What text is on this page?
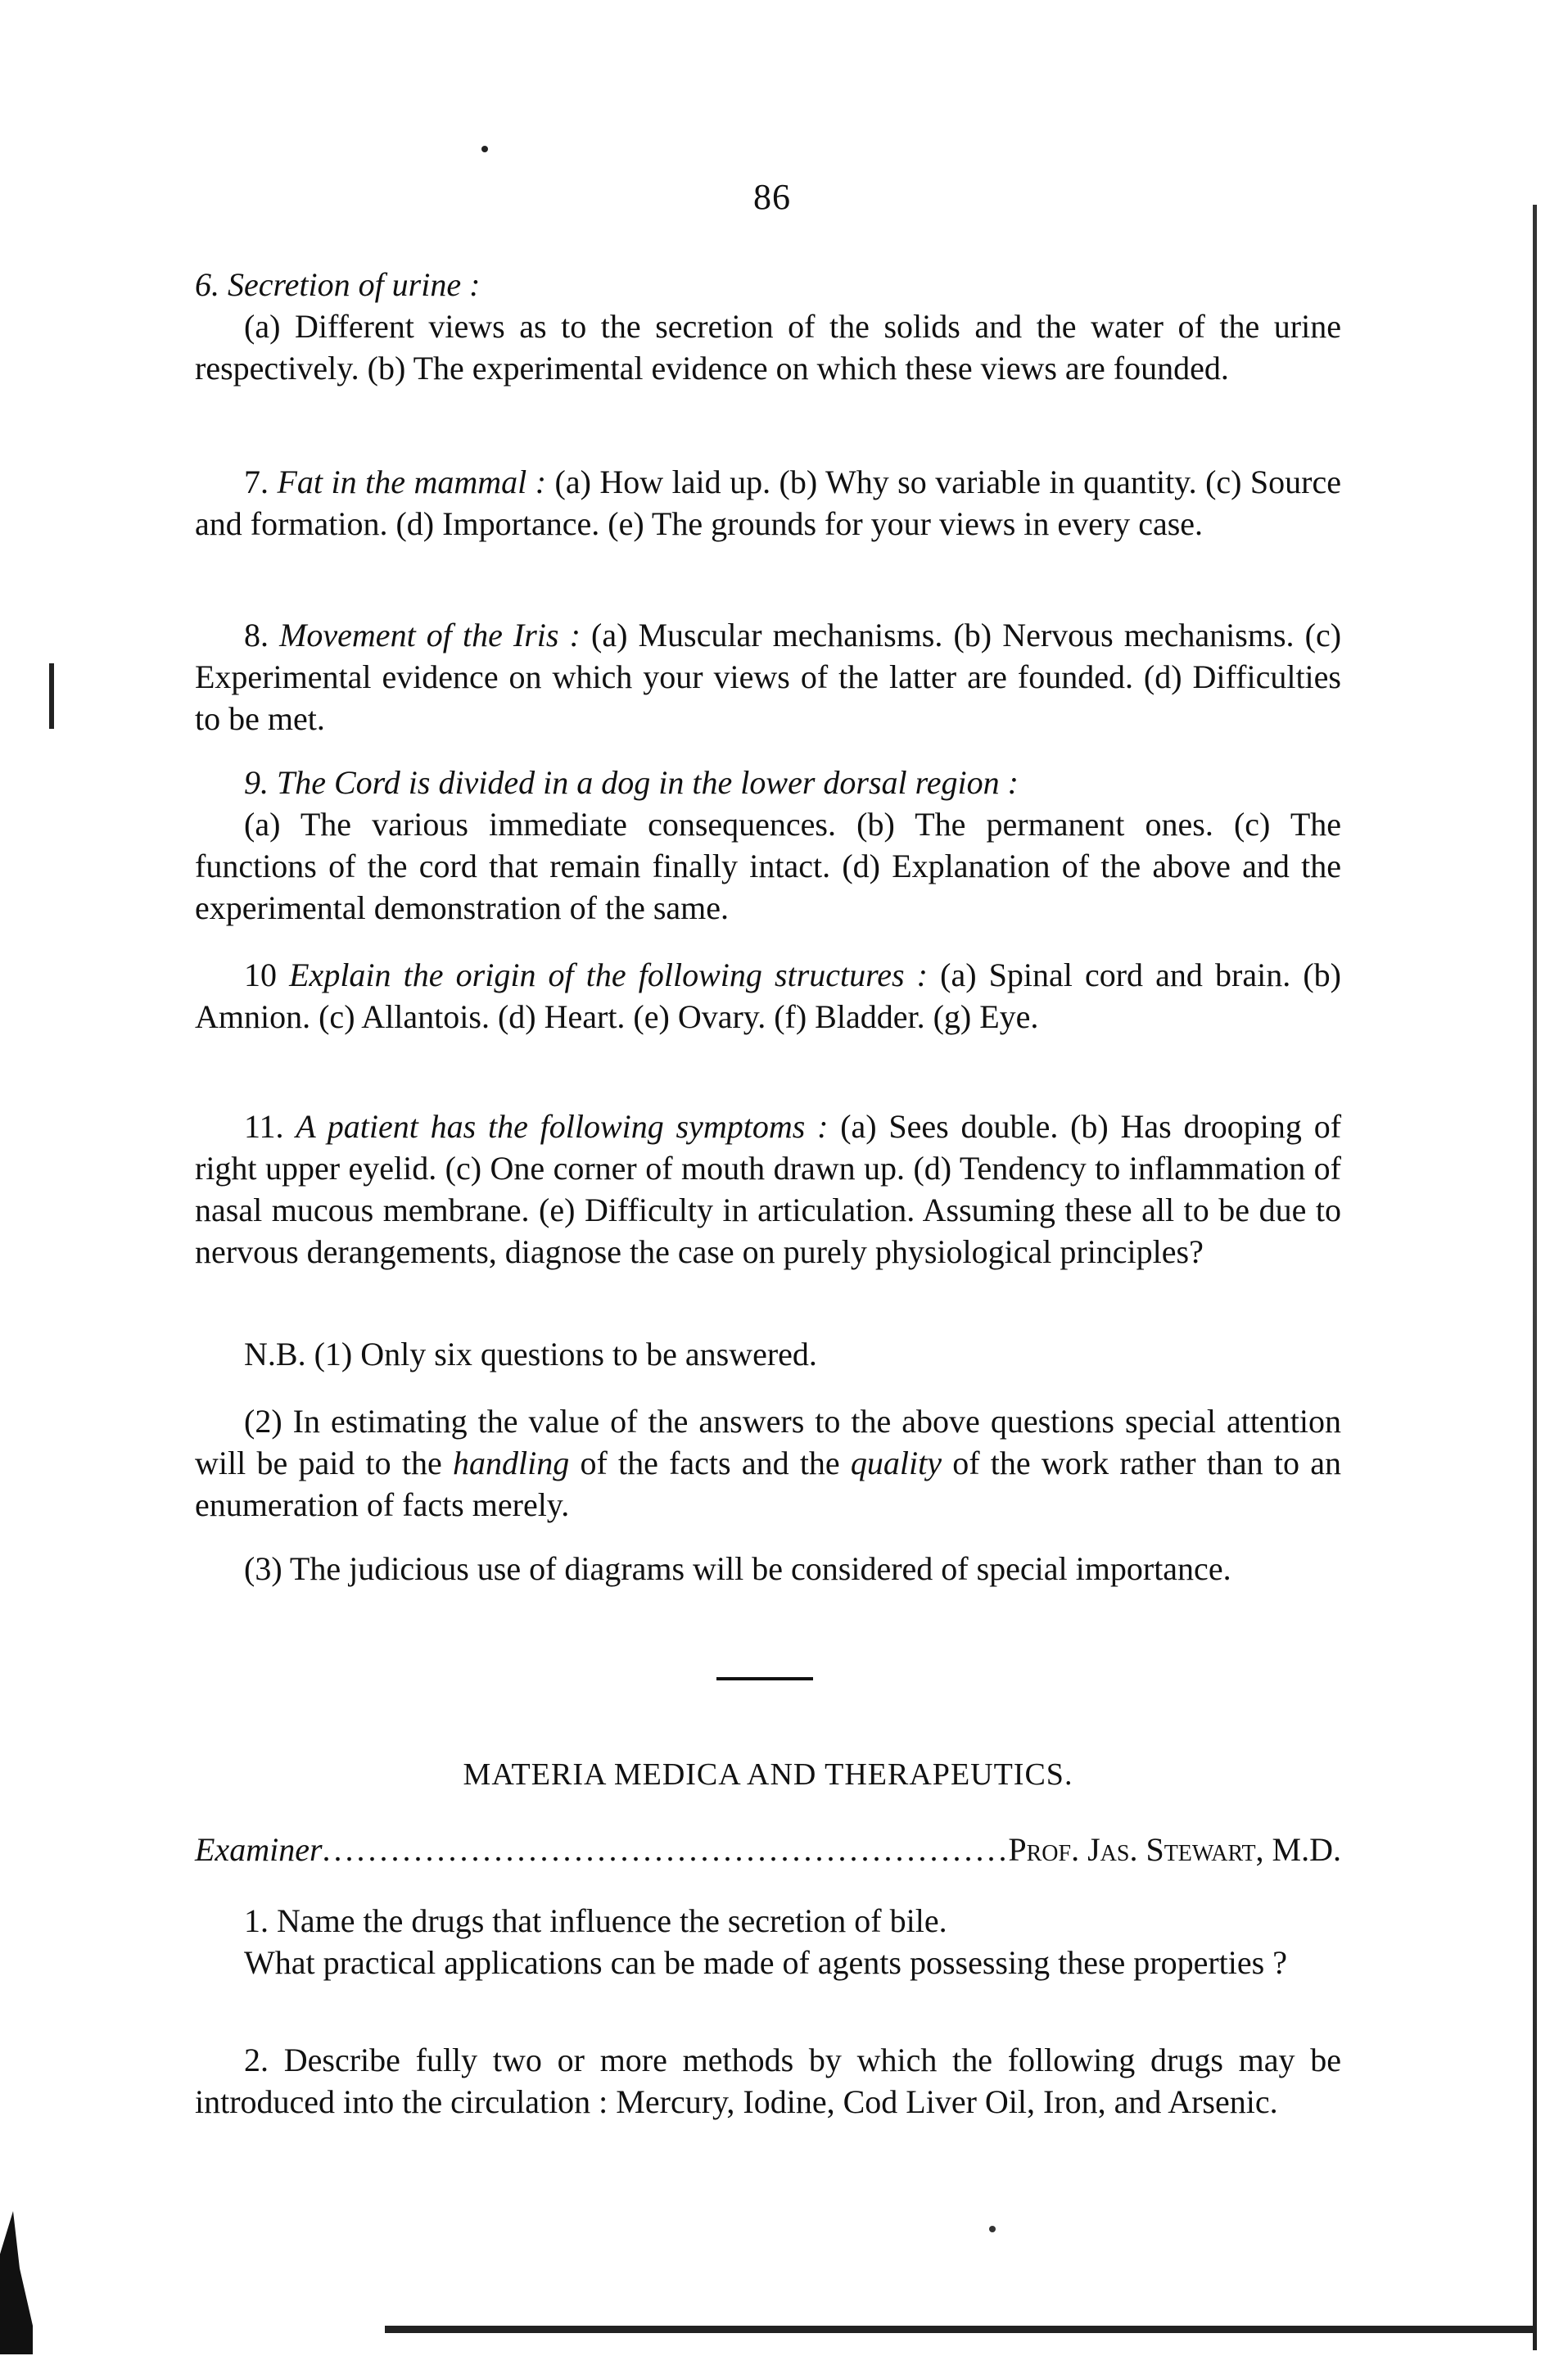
86

6. Secretion of urine :

(a) Different views as to the secretion of the solids and the water of the urine respectively. (b) The experimental evidence on which these views are founded.

7. Fat in the mammal : (a) How laid up. (b) Why so variable in quantity. (c) Source and formation. (d) Importance. (e) The grounds for your views in every case.

8. Movement of the Iris : (a) Muscular mechanisms. (b) Nervous mechanisms. (c) Experimental evidence on which your views of the latter are founded. (d) Difficulties to be met.

9. The Cord is divided in a dog in the lower dorsal region :

(a) The various immediate consequences. (b) The permanent ones. (c) The functions of the cord that remain finally intact. (d) Explanation of the above and the experimental demonstration of the same.

10 Explain the origin of the following structures : (a) Spinal cord and brain. (b) Amnion. (c) Allantois. (d) Heart. (e) Ovary. (f) Bladder. (g) Eye.

11. A patient has the following symptoms : (a) Sees double. (b) Has drooping of right upper eyelid. (c) One corner of mouth drawn up. (d) Tendency to inflammation of nasal mucous membrane. (e) Difficulty in articulation. Assuming these all to be due to nervous derangements, diagnose the case on purely physiological principles?

N.B. (1) Only six questions to be answered.

(2) In estimating the value of the answers to the above questions special attention will be paid to the handling of the facts and the quality of the work rather than to an enumeration of facts merely.

(3) The judicious use of diagrams will be considered of special importance.

MATERIA MEDICA AND THERAPEUTICS.
Examiner
.....	Prof. Jas. Stewart, M.D.

1. Name the drugs that influence the secretion of bile.

What practical applications can be made of agents possessing these properties ?

2. Describe fully two or more methods by which the following drugs may be introduced into the circulation : Mercury, Iodine, Cod Liver Oil, Iron, and Arsenic.
